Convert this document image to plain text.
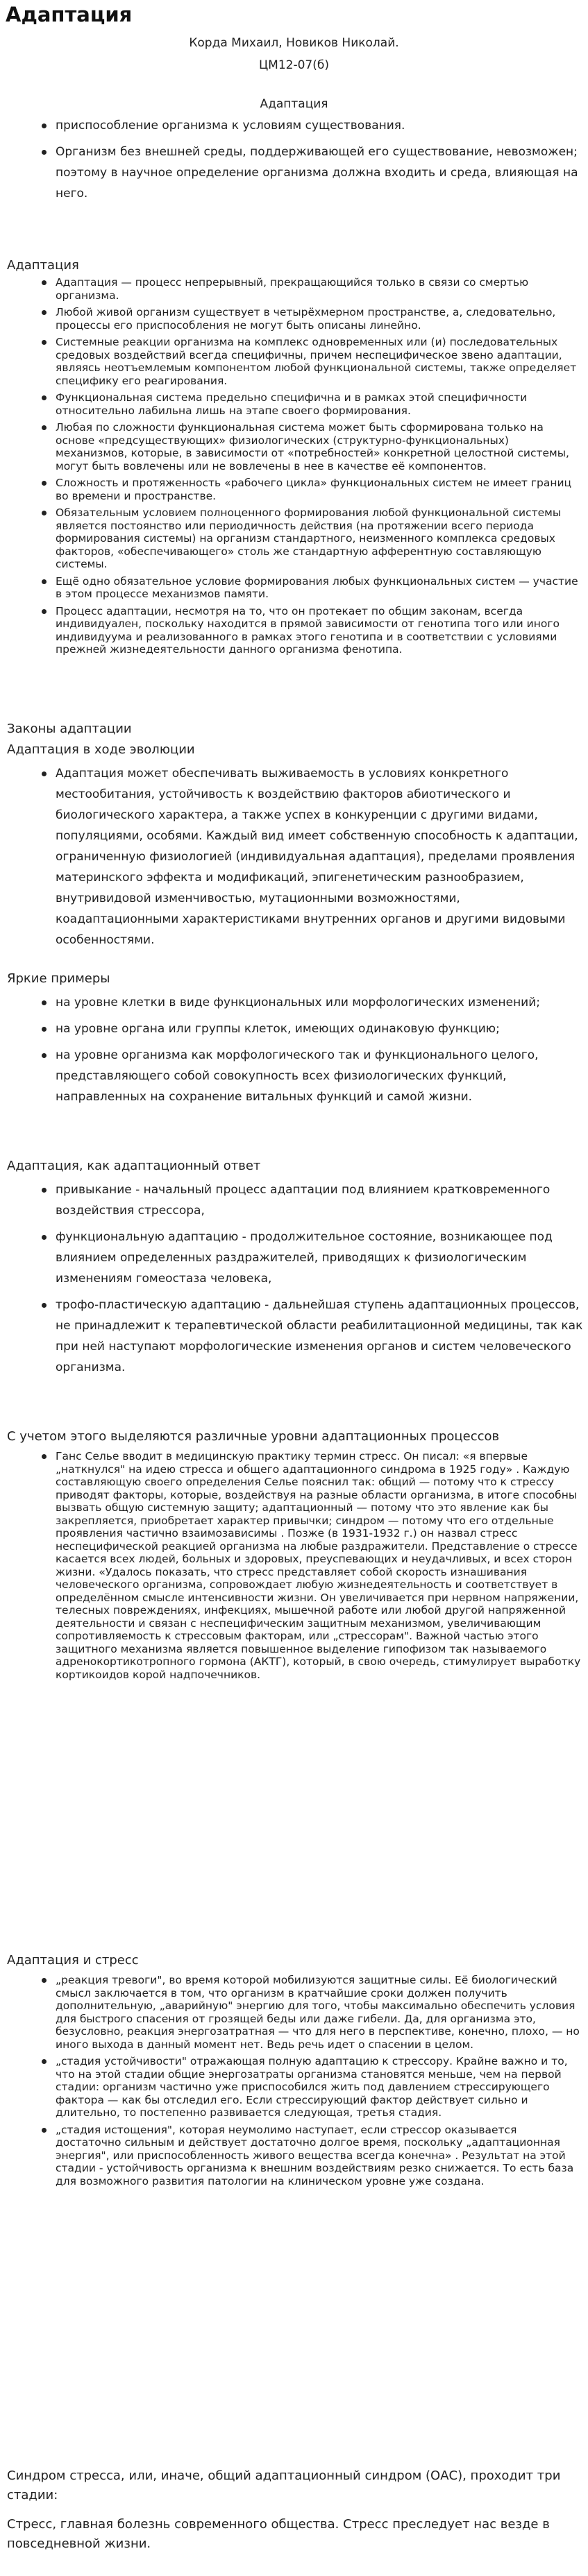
Адаптация
Корда Михаил, Новиков Николай.
ЦМ12-07(б)
Адаптация
приспособление организма к условиям существования.
Организм без внешней среды, поддерживающей его существование, невозможен; поэтому в научное определение организма должна входить и среда, влияющая на него.
Адаптация
Адаптация — процесс непрерывный, прекращающийся только в связи со смертью организма.
Любой живой организм существует в четырёхмерном пространстве, а, следовательно, процессы его приспособления не могут быть описаны линейно.
Системные реакции организма на комплекс одновременных или (и) последовательных средовых воздействий всегда специфичны, причем неспецифическое звено адаптации, являясь неотъемлемым компонентом любой функциональной системы, также определяет специфику его реагирования.
Функциональная система предельно специфична и в рамках этой специфичности относительно лабильна лишь на этапе своего формирования.
Любая по сложности функциональная система может быть сформирована только на основе «предсуществующих» физиологических (структурно-функциональных) механизмов, которые, в зависимости от «потребностей» конкретной целостной системы, могут быть вовлечены или не вовлечены в нее в качестве её компонентов.
Сложность и протяженность «рабочего цикла» функциональных систем не имеет границ во времени и пространстве.
Обязательным условием полноценного формирования любой функциональной системы является постоянство или периодичность действия (на протяжении всего периода формирования системы) на организм стандартного, неизменного комплекса средовых факторов, «обеспечивающего» столь же стандартную афферентную составляющую системы.
Ещё одно обязательное условие формирования любых функциональных систем — участие в этом процессе механизмов памяти.
Процесс адаптации, несмотря на то, что он протекает по общим законам, всегда индивидуален, поскольку находится в прямой зависимости от генотипа того или иного индивидуума и реализованного в рамках этого генотипа и в соответствии с условиями прежней жизнедеятельности данного организма фенотипа.
Законы адаптации
Адаптация в ходе эволюции
Адаптация может обеспечивать выживаемость в условиях конкретного местообитания, устойчивость к воздействию факторов абиотического и биологического характера, а также успех в конкуренции с другими видами, популяциями, особями. Каждый вид имеет собственную способность к адаптации, ограниченную физиологией (индивидуальная адаптация), пределами проявления материнского эффекта и модификаций, эпигенетическим разнообразием, внутривидовой изменчивостью, мутационными возможностями, коадаптационными характеристиками внутренних органов и другими видовыми особенностями.
Яркие примеры
на уровне клетки в виде функциональных или морфологических изменений;
на уровне органа или группы клеток, имеющих одинаковую функцию;
на уровне организма как морфологического так и функционального целого, представляющего собой совокупность всех физиологических функций, направленных на сохранение витальных функций и самой жизни.
Адаптация, как адаптационный ответ
привыкание - начальный процесс адаптации под влиянием кратковременного воздействия стрессора,
функциональную адаптацию - продолжительное состояние, возникающее под влиянием определенных раздражителей, приводящих к физиологическим изменениям гомеостаза человека,
трофо-пластическую адаптацию - дальнейшая ступень адаптационных процессов, не принадлежит к терапевтической области реабилитационной медицины, так как при ней наступают морфологические изменения органов и систем человеческого организма.
С учетом этого выделяются различные уровни адаптационных процессов
Ганс Селье вводит в медицинскую практику термин стресс. Он писал: «я впервые „наткнулся" на идею стресса и общего адаптационного синдрома в 1925 году» . Каждую составляющую своего определения Селье пояснил так: общий — потому что к стрессу приводят факторы, которые, воздействуя на разные области организма, в итоге способны вызвать общую системную защиту; адаптационный — потому что это явление как бы закрепляется, приобретает характер привычки; синдром — потому что его отдельные проявления частично взаимозависимы . Позже (в 1931-1932 г.) он назвал стресс неспецифической реакцией организма на любые раздражители. Представление о стрессе касается всех людей, больных и здоровых, преуспевающих и неудачливых, и всех сторон жизни. «Удалось показать, что стресс представляет собой скорость изнашивания человеческого организма, сопровождает любую жизнедеятельность и соответствует в определённом смысле интенсивности жизни. Он увеличивается при нервном напряжении, телесных повреждениях, инфекциях, мышечной работе или любой другой напряженной деятельности и связан с неспецифическим защитным механизмом, увеличивающим сопротивляемость к стрессовым факторам, или „стрессорам". Важной частью этого защитного механизма является повышенное выделение гипофизом так называемого адренокортикотропного гормона (АКТГ), который, в свою очередь, стимулирует выработку кортикоидов корой надпочечников.
Адаптация и стресс
„реакция тревоги", во время которой мобилизуются защитные силы. Её биологический смысл заключается в том, что организм в кратчайшие сроки должен получить дополнительную, „аварийную" энергию для того, чтобы максимально обеспечить условия для быстрого спасения от грозящей беды или даже гибели. Да, для организма это, безусловно, реакция энергозатратная — что для него в перспективе, конечно, плохо, — но иного выхода в данный момент нет. Ведь речь идет о спасении в целом.
„стадия устойчивости" отражающая полную адаптацию к стрессору. Крайне важно и то, что на этой стадии общие энергозатраты организма становятся меньше, чем на первой стадии: организм частично уже приспособился жить под давлением стрессирующего фактора — как бы отследил его. Если стрессирующий фактор действует сильно и длительно, то постепенно развивается следующая, третья стадия.
„стадия истощения", которая неумолимо наступает, если стрессор оказывается достаточно сильным и действует достаточно долгое время, поскольку „адаптационная энергия", или приспособленность живого вещества всегда конечна» . Результат на этой стадии - устойчивость организма к внешним воздействиям резко снижается. То есть база для возможного развития патологии на клиническом уровне уже создана.

Синдром стресса, или, иначе, общий адаптационный синдром (ОАС), проходит три стадии:

Стресс, главная болезнь современного общества. Стресс преследует нас везде в повседневной жизни.
